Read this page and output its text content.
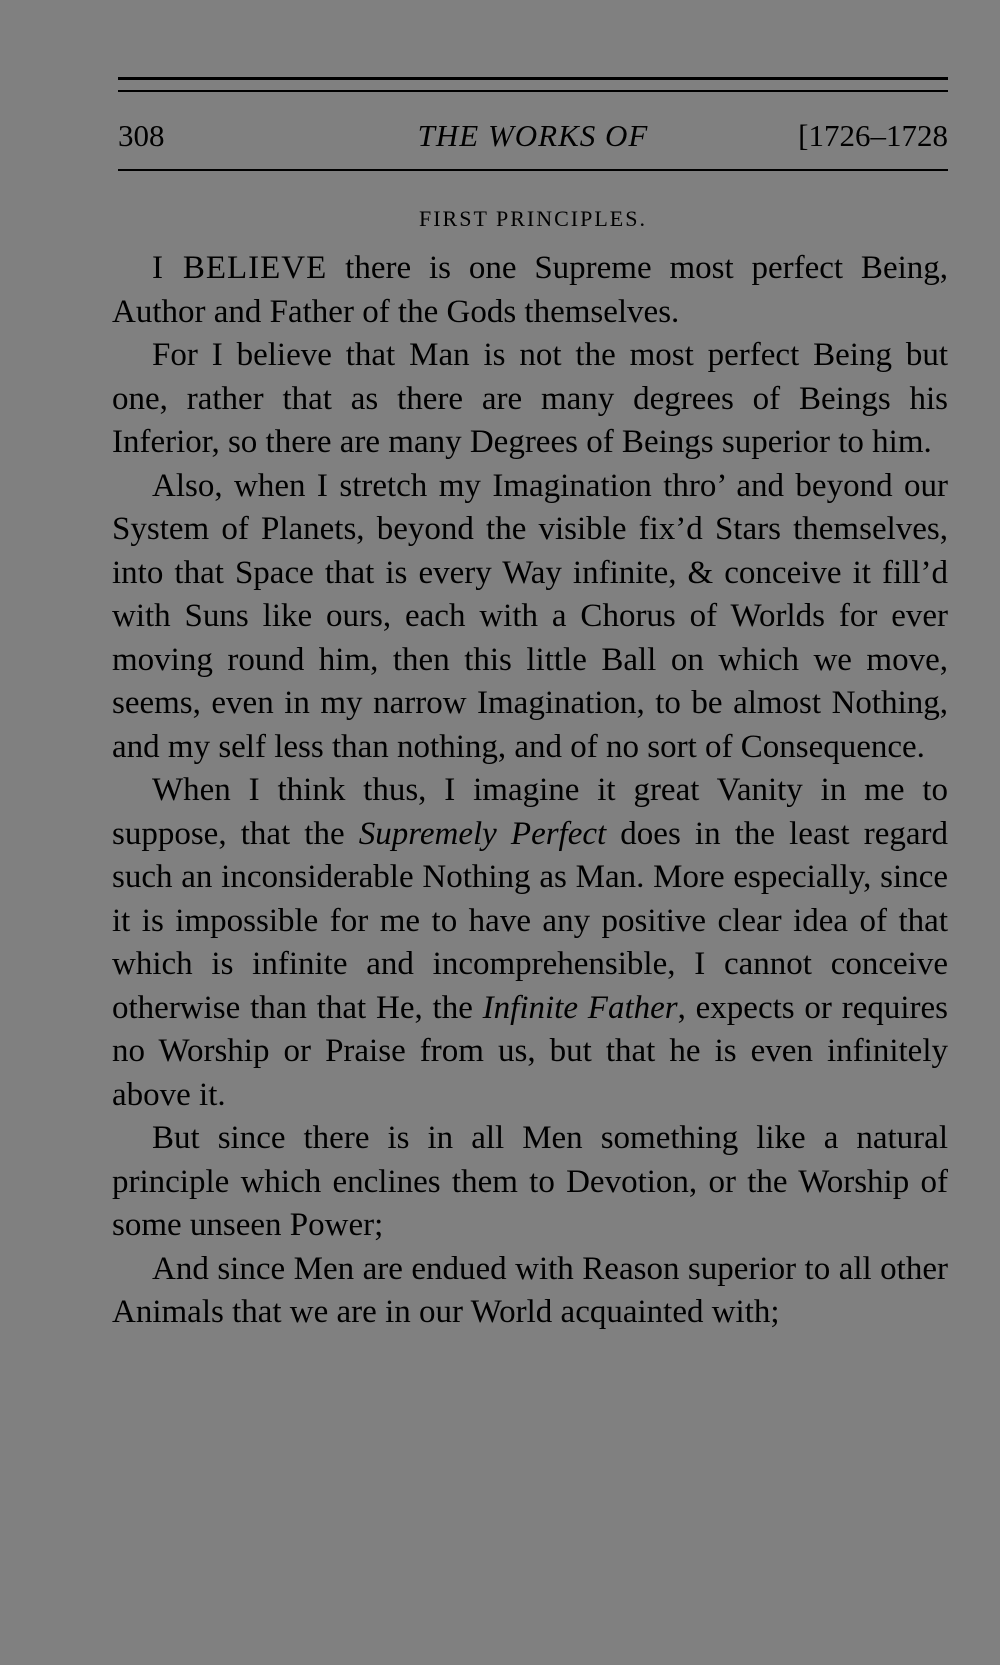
308	THE WORKS OF	[1726–1728
FIRST PRINCIPLES.

I BELIEVE there is one Supreme most perfect Being, Author and Father of the Gods themselves.

For I believe that Man is not the most perfect Being but one, rather that as there are many degrees of Beings his Inferior, so there are many Degrees of Beings superior to him.

Also, when I stretch my Imagination thro’ and beyond our System of Planets, beyond the visible fix’d Stars themselves, into that Space that is every Way infinite, & conceive it fill’d with Suns like ours, each with a Chorus of Worlds for ever moving round him, then this little Ball on which we move, seems, even in my narrow Imagination, to be almost Nothing, and my self less than nothing, and of no sort of Consequence.

When I think thus, I imagine it great Vanity in me to suppose, that the Supremely Perfect does in the least regard such an inconsiderable Nothing as Man. More especially, since it is impossible for me to have any positive clear idea of that which is infinite and incomprehensible, I cannot conceive otherwise than that He, the Infinite Father, expects or requires no Worship or Praise from us, but that he is even infinitely above it.

But since there is in all Men something like a natural principle which enclines them to Devotion, or the Worship of some unseen Power;

And since Men are endued with Reason superior to all other Animals that we are in our World acquainted with;
